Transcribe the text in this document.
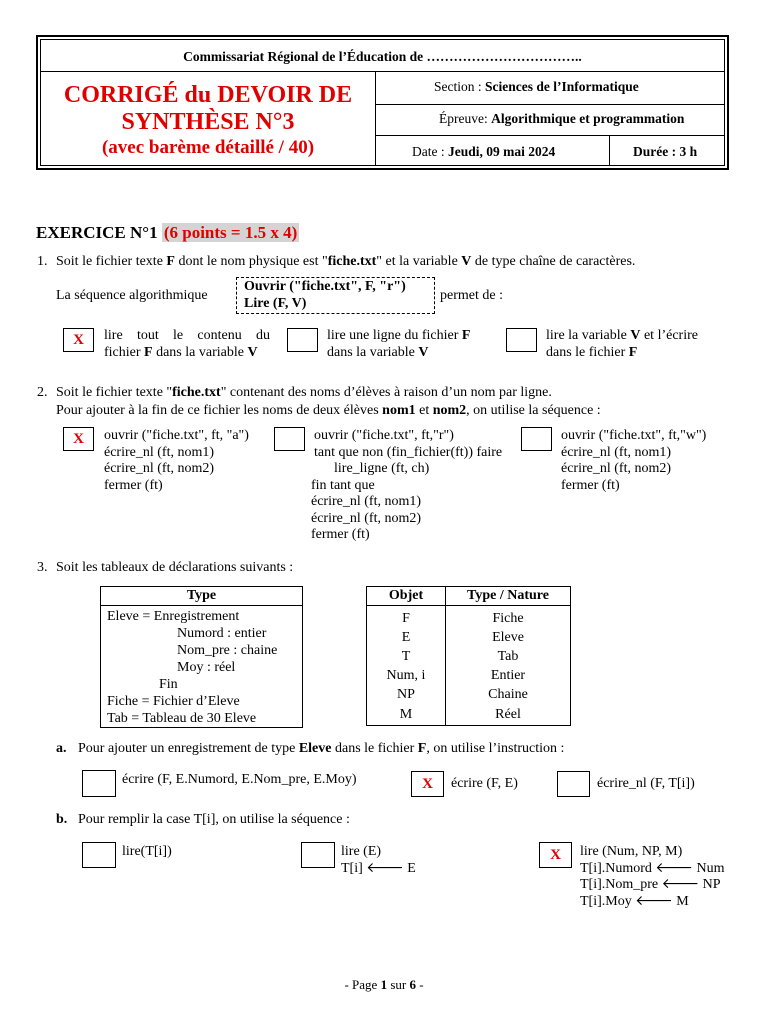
Commissariat Régional de l’Éducation de ……………………………..
CORRIGÉ du DEVOIR DE
SYNTHÈSE N°3
(avec barème détaillé / 40)
Section : Sciences de l’Informatique
Épreuve: Algorithmique et programmation
Date : Jeudi, 09 mai 2024	Durée : 3 h
EXERCICE N°1 (6 points = 1.5 x 4)
1. Soit le fichier texte F dont le nom physique est "fiche.txt" et la variable V de type chaîne de caractères.
La séquence algorithmique
Ouvrir ("fiche.txt", F, "r")
Lire (F, V)
permet de :
X	lire tout le contenu du
fichier F dans la variable V
lire une ligne du fichier F
dans la variable V
lire la variable V et l’écrire
dans le fichier F
2. Soit le fichier texte "fiche.txt" contenant des noms d’élèves à raison d’un nom par ligne.
Pour ajouter à la fin de ce fichier les noms de deux élèves nom1 et nom2, on utilise la séquence :
X	ouvrir ("fiche.txt", ft, "a")
écrire_nl (ft, nom1)
écrire_nl (ft, nom2)
fermer (ft)
ouvrir ("fiche.txt", ft,"r")
tant que non (fin_fichier(ft)) faire
lire_ligne (ft, ch)
fin tant que
écrire_nl (ft, nom1)
écrire_nl (ft, nom2)
fermer (ft)
ouvrir ("fiche.txt", ft,"w")
écrire_nl (ft, nom1)
écrire_nl (ft, nom2)
fermer (ft)
3. Soit les tableaux de déclarations suivants :
Type

Eleve = Enregistrement
Numord : entier
Nom_pre : chaine
Moy : réel
Fin
Fiche = Fichier d’Eleve
Tab = Tableau de 30 Eleve
Objet	Type / Nature
F	Fiche
E	Eleve
T	Tab
Num, i	Entier
NP	Chaine
M	Réel
a. Pour ajouter un enregistrement de type Eleve dans le fichier F, on utilise l’instruction :
écrire (F, E.Numord, E.Nom_pre, E.Moy)	X	écrire (F, E)	écrire_nl (F, T[i])
b. Pour remplir la case T[i], on utilise la séquence :
lire(T[i])	lire (E)
T[i] 🡐 E
X	lire (Num, NP, M)
T[i].Numord 🡐 Num
T[i].Nom_pre 🡐 NP
T[i].Moy 🡐 M
- Page 1 sur 6 -
